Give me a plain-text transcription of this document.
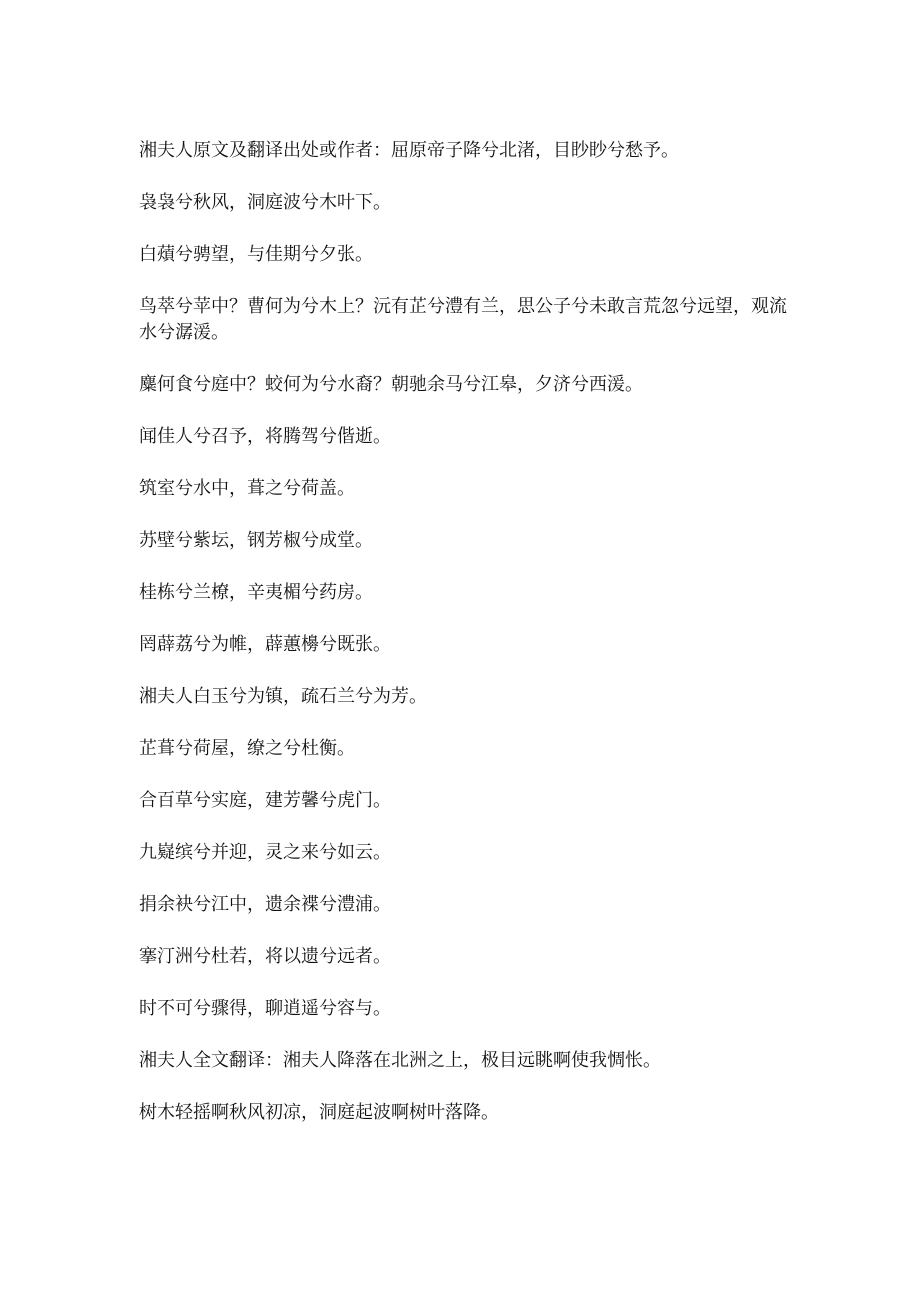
湘夫人原文及翻译出处或作者：屈原帝子降兮北渚，目眇眇兮愁予。

袅袅兮秋风，洞庭波兮木叶下。

白薠兮骋望，与佳期兮夕张。

鸟萃兮苹中？曹何为兮木上？沅有芷兮澧有兰，思公子兮未敢言荒忽兮远望，观流水兮潺湲。

麋何食兮庭中？蛟何为兮水裔？朝驰余马兮江皋，夕济兮西湲。

闻佳人兮召予，将腾驾兮偕逝。

筑室兮水中，葺之兮荷盖。

苏壁兮紫坛，钢芳椒兮成堂。

桂栋兮兰橑，辛夷楣兮药房。

罔薜荔兮为帷，薜蕙櫋兮既张。

湘夫人白玉兮为镇，疏石兰兮为芳。

芷葺兮荷屋，缭之兮杜衡。

合百草兮实庭，建芳馨兮虎门。

九嶷缤兮并迎，灵之来兮如云。

捐余袂兮江中，遗余褋兮澧浦。

搴汀洲兮杜若，将以遗兮远者。

时不可兮骤得，聊逍遥兮容与。

湘夫人全文翻译：湘夫人降落在北洲之上，极目远眺啊使我惆怅。

树木轻摇啊秋风初凉，洞庭起波啊树叶落降。
